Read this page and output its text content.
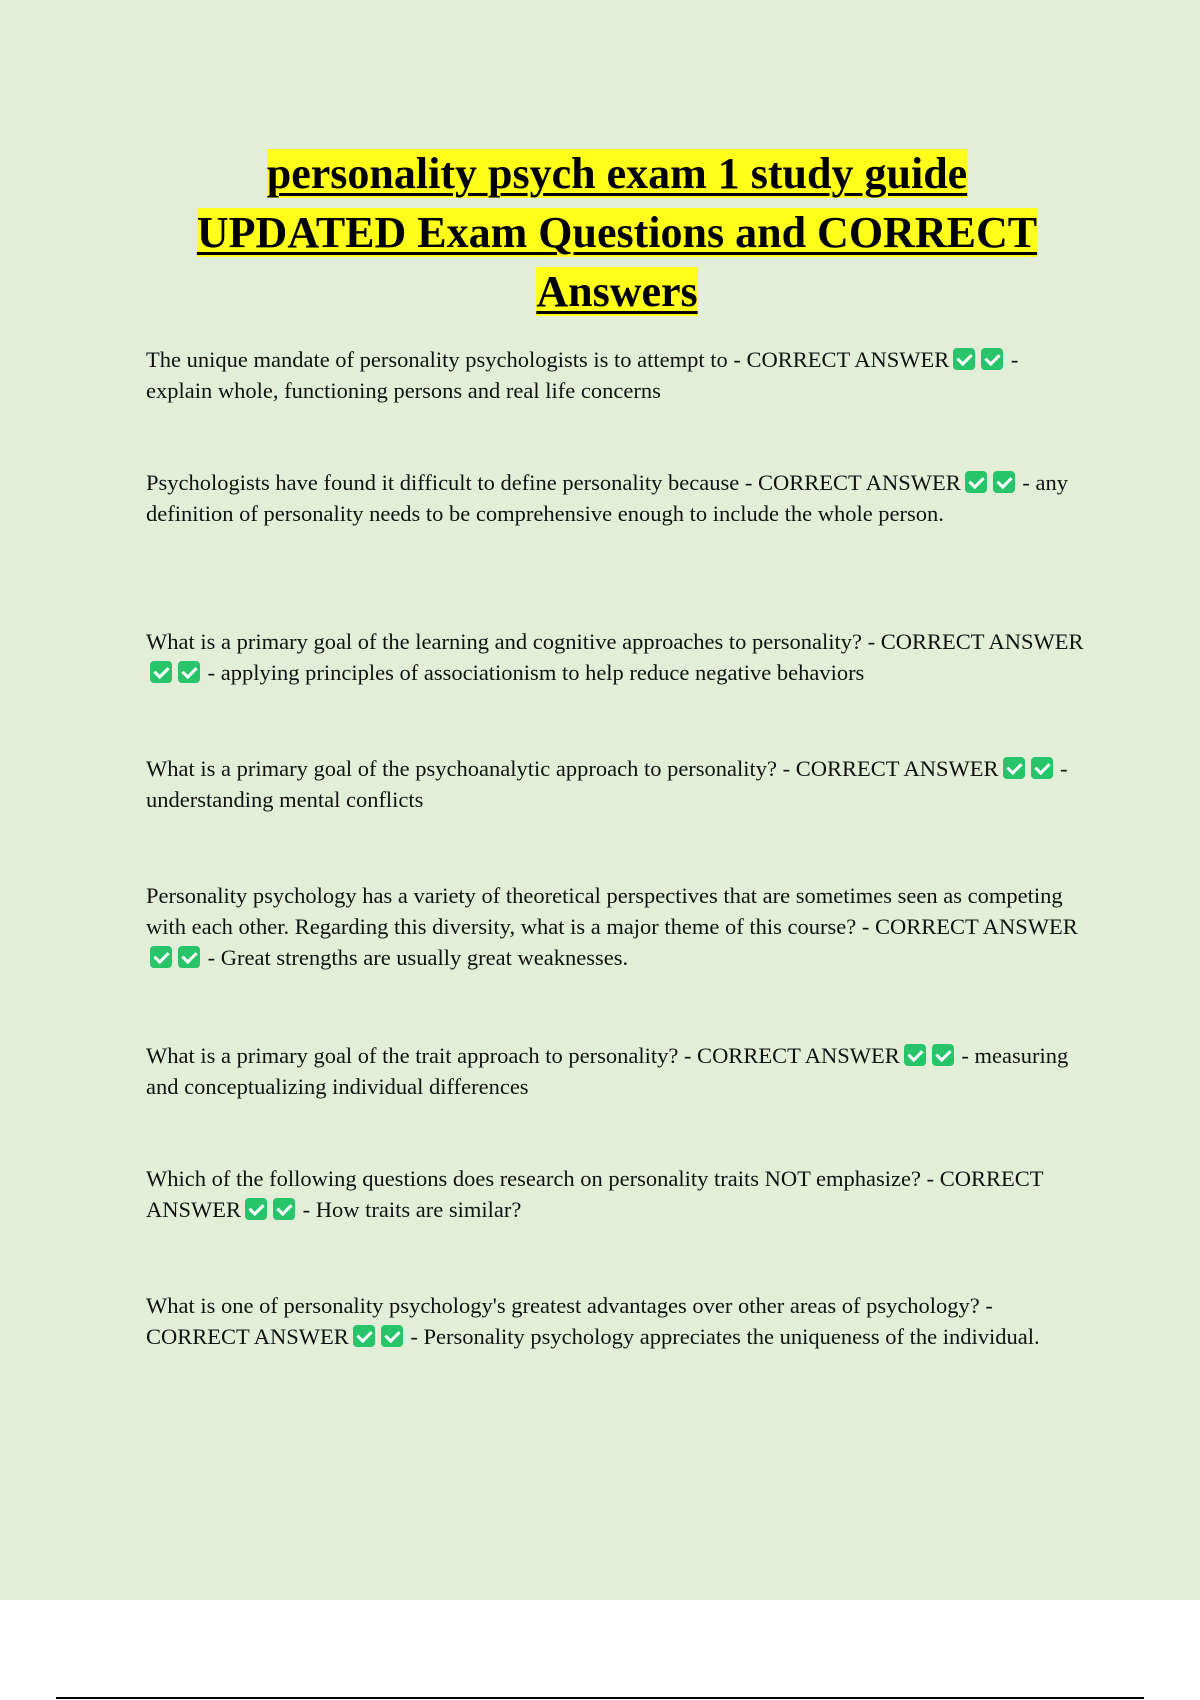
personality psych exam 1 study guide
UPDATED Exam Questions and CORRECT
Answers
The unique mandate of personality psychologists is to attempt to - CORRECT ANSWER - explain whole, functioning persons and real life concerns
Psychologists have found it difficult to define personality because - CORRECT ANSWER - any definition of personality needs to be comprehensive enough to include the whole person.
What is a primary goal of the learning and cognitive approaches to personality? - CORRECT ANSWER - applying principles of associationism to help reduce negative behaviors
What is a primary goal of the psychoanalytic approach to personality? - CORRECT ANSWER - understanding mental conflicts
Personality psychology has a variety of theoretical perspectives that are sometimes seen as competing with each other. Regarding this diversity, what is a major theme of this course? - CORRECT ANSWER - Great strengths are usually great weaknesses.
What is a primary goal of the trait approach to personality? - CORRECT ANSWER - measuring and conceptualizing individual differences
Which of the following questions does research on personality traits NOT emphasize? - CORRECT ANSWER - How traits are similar?
What is one of personality psychology's greatest advantages over other areas of psychology? - CORRECT ANSWER - Personality psychology appreciates the uniqueness of the individual.
